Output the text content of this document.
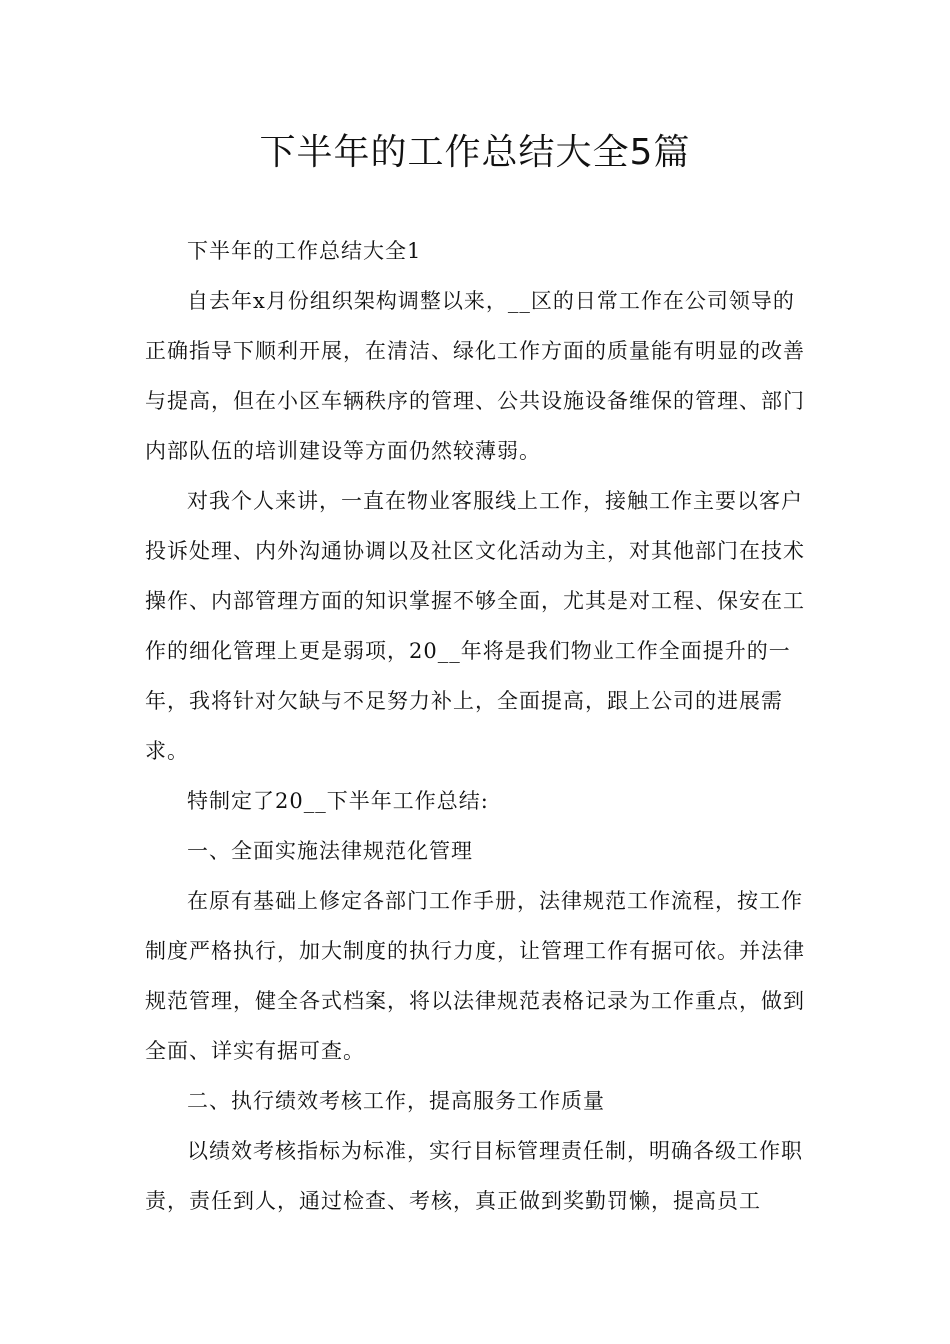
下半年的工作总结大全5篇

下半年的工作总结大全1

自去年x月份组织架构调整以来，__区的日常工作在公司领导的正确指导下顺利开展，在清洁、绿化工作方面的质量能有明显的改善与提高，但在小区车辆秩序的管理、公共设施设备维保的管理、部门内部队伍的培训建设等方面仍然较薄弱。

对我个人来讲，一直在物业客服线上工作，接触工作主要以客户投诉处理、内外沟通协调以及社区文化活动为主，对其他部门在技术操作、内部管理方面的知识掌握不够全面，尤其是对工程、保安在工作的细化管理上更是弱项，20__年将是我们物业工作全面提升的一年，我将针对欠缺与不足努力补上，全面提高，跟上公司的进展需求。

特制定了20__下半年工作总结:

一、全面实施法律规范化管理

在原有基础上修定各部门工作手册，法律规范工作流程，按工作制度严格执行，加大制度的执行力度，让管理工作有据可依。并法律规范管理，健全各式档案，将以法律规范表格记录为工作重点，做到全面、详实有据可查。

二、执行绩效考核工作，提高服务工作质量

以绩效考核指标为标准，实行目标管理责任制，明确各级工作职责，责任到人，通过检查、考核，真正做到奖勤罚懒，提高员工
